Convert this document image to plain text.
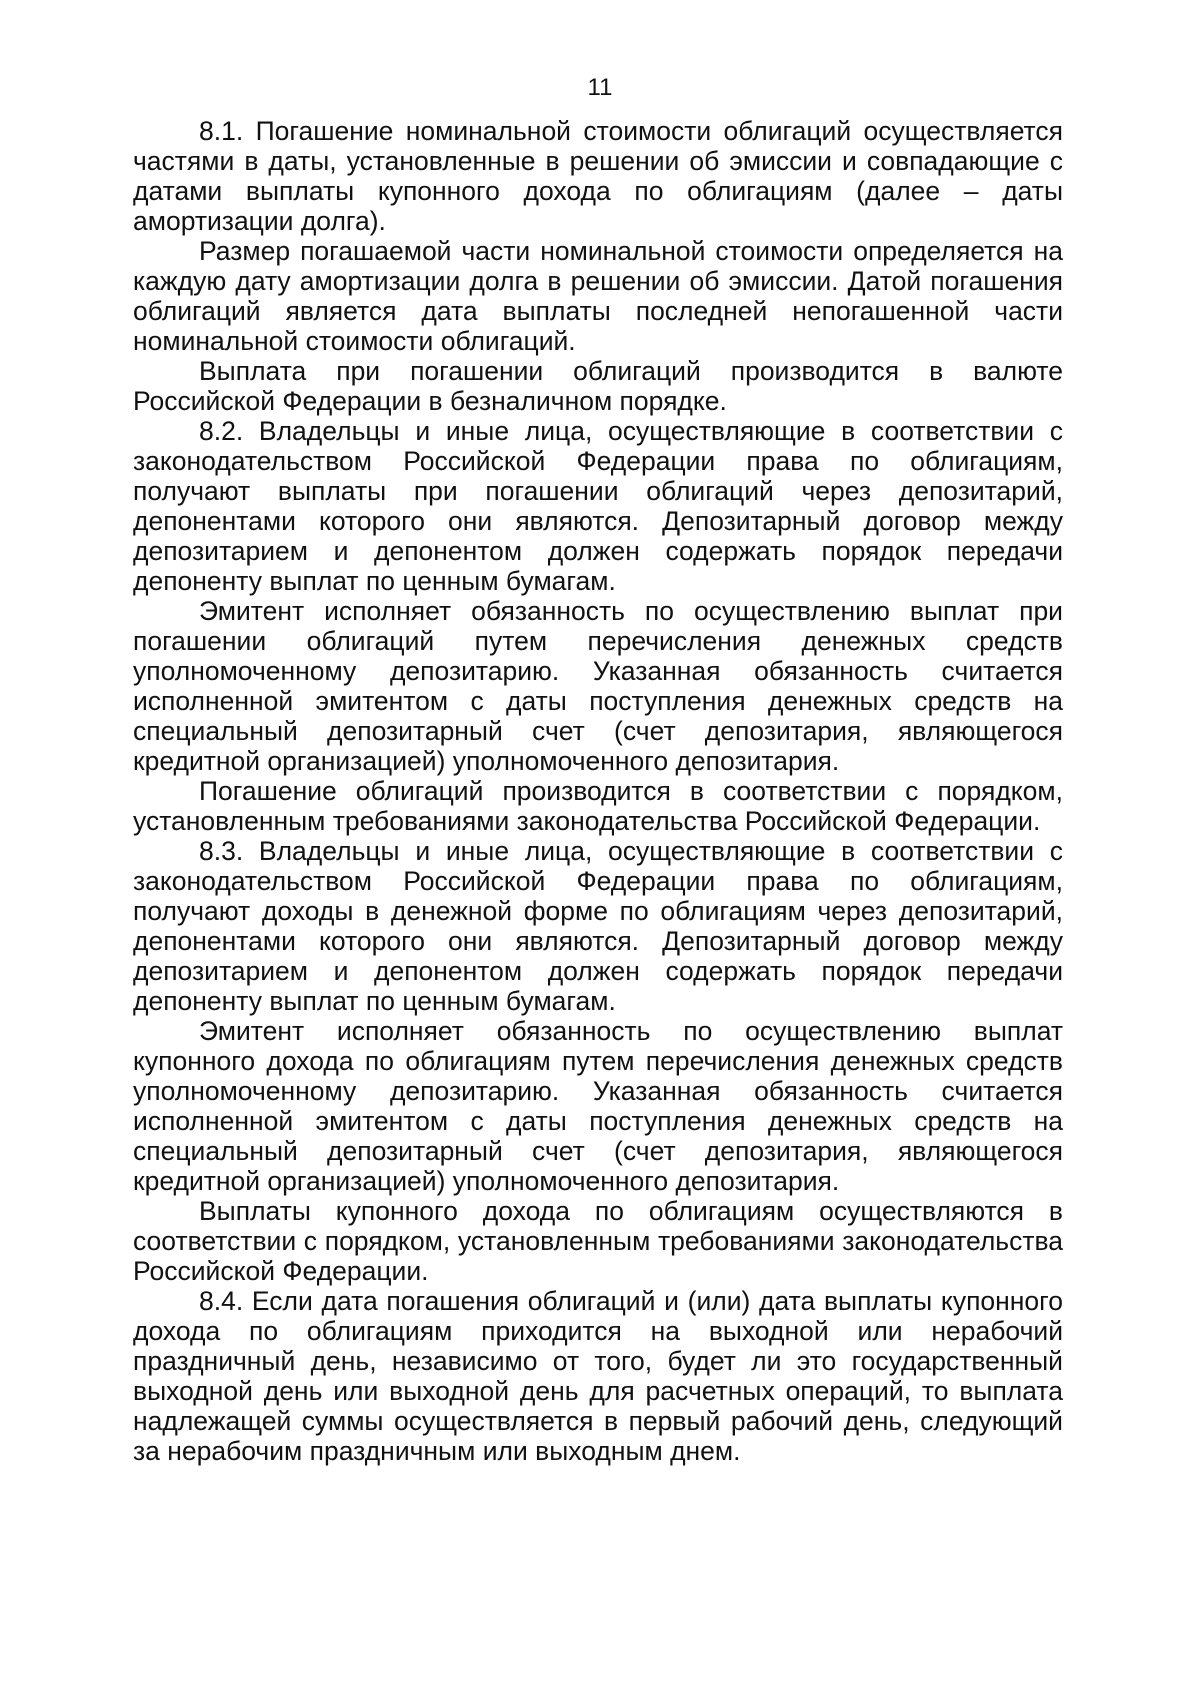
11

8.1. Погашение номинальной стоимости облигаций осуществляется частями в даты, установленные в решении об эмиссии и совпадающие с датами выплаты купонного дохода по облигациям (далее – даты амортизации долга).

Размер погашаемой части номинальной стоимости определяется на каждую дату амортизации долга в решении об эмиссии. Датой погашения облигаций является дата выплаты последней непогашенной части номинальной стоимости облигаций.

Выплата при погашении облигаций производится в валюте Российской Федерации в безналичном порядке.

8.2. Владельцы и иные лица, осуществляющие в соответствии с законодательством Российской Федерации права по облигациям, получают выплаты при погашении облигаций через депозитарий, депонентами которого они являются. Депозитарный договор между депозитарием и депонентом должен содержать порядок передачи депоненту выплат по ценным бумагам.

Эмитент исполняет обязанность по осуществлению выплат при погашении облигаций путем перечисления денежных средств уполномоченному депозитарию. Указанная обязанность считается исполненной эмитентом с даты поступления денежных средств на специальный депозитарный счет (счет депозитария, являющегося кредитной организацией) уполномоченного депозитария.

Погашение облигаций производится в соответствии с порядком, установленным требованиями законодательства Российской Федерации.

8.3. Владельцы и иные лица, осуществляющие в соответствии с законодательством Российской Федерации права по облигациям, получают доходы в денежной форме по облигациям через депозитарий, депонентами которого они являются. Депозитарный договор между депозитарием и депонентом должен содержать порядок передачи депоненту выплат по ценным бумагам.

Эмитент исполняет обязанность по осуществлению выплат купонного дохода по облигациям путем перечисления денежных средств уполномоченному депозитарию. Указанная обязанность считается исполненной эмитентом с даты поступления денежных средств на специальный депозитарный счет (счет депозитария, являющегося кредитной организацией) уполномоченного депозитария.

Выплаты купонного дохода по облигациям осуществляются в соответствии с порядком, установленным требованиями законодательства Российской Федерации.

8.4. Если дата погашения облигаций и (или) дата выплаты купонного дохода по облигациям приходится на выходной или нерабочий праздничный день, независимо от того, будет ли это государственный выходной день или выходной день для расчетных операций, то выплата надлежащей суммы осуществляется в первый рабочий день, следующий за нерабочим праздничным или выходным днем.
